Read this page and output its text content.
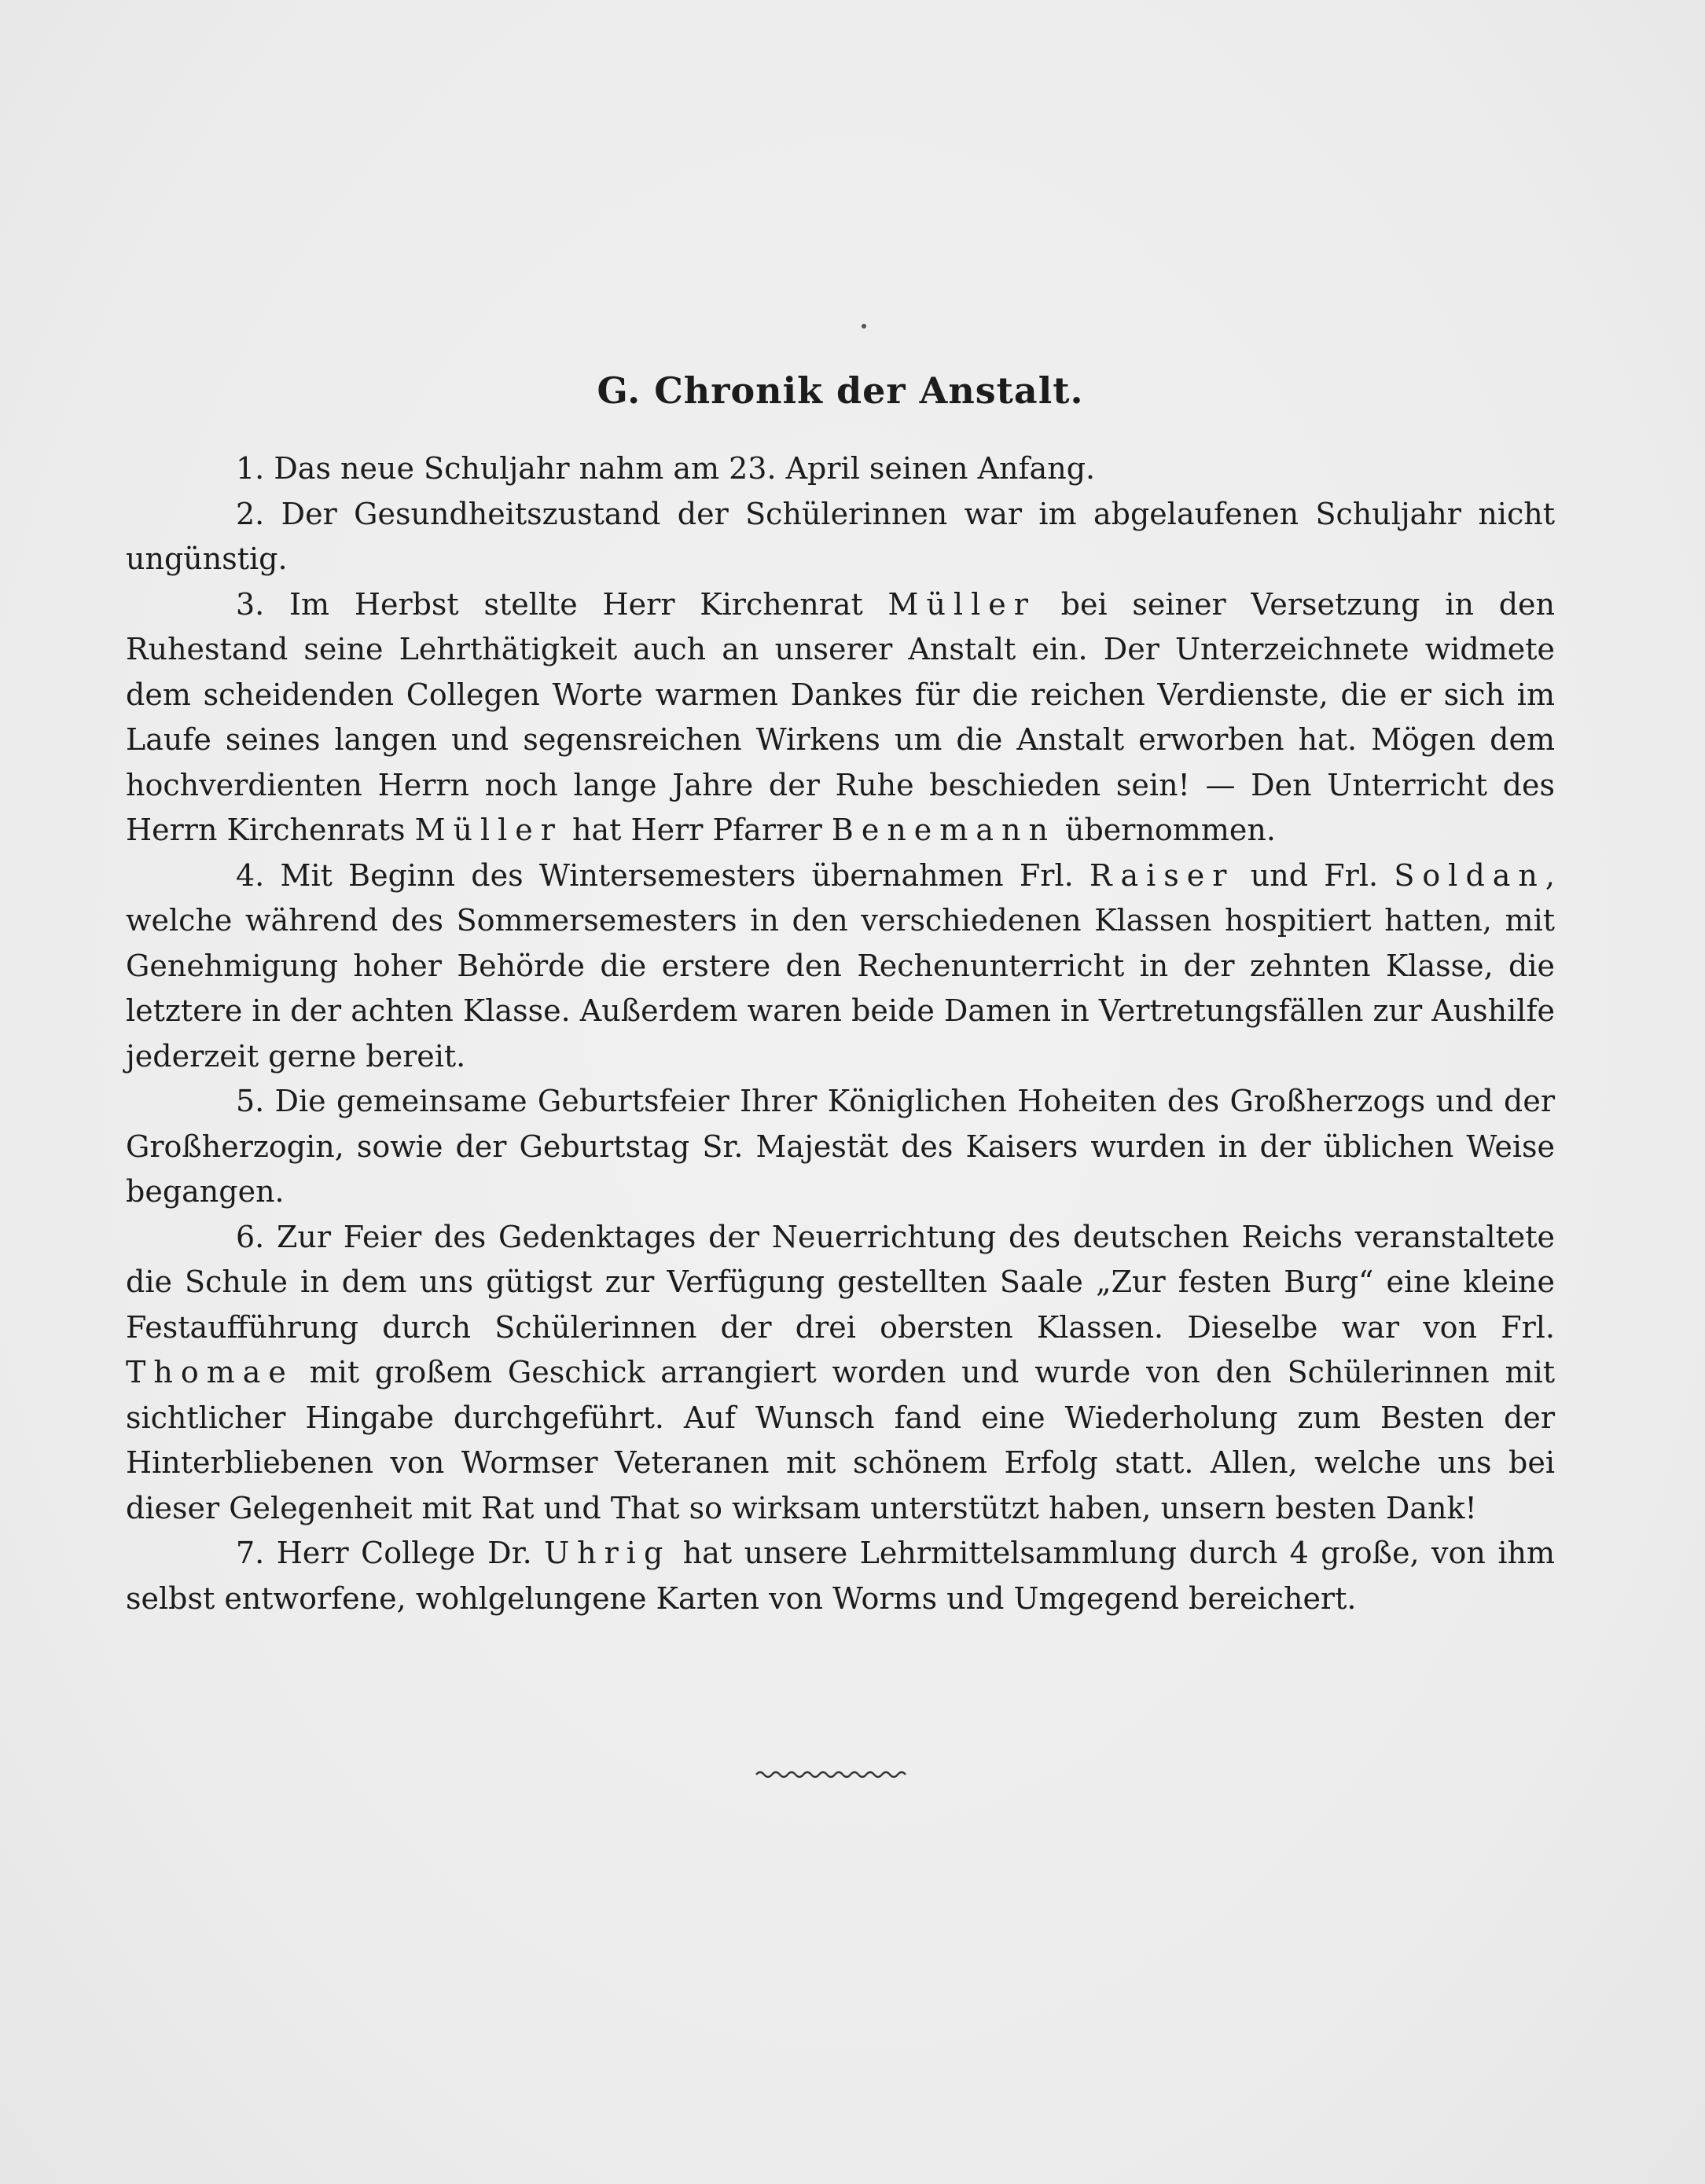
G. Chronik der Anstalt.

1. Das neue Schuljahr nahm am 23. April seinen Anfang.

2. Der Gesundheitszustand der Schülerinnen war im abgelaufenen Schuljahr nicht ungünstig.

3. Im Herbst stellte Herr Kirchenrat Müller bei seiner Versetzung in den Ruhestand seine Lehrthätigkeit auch an unserer Anstalt ein. Der Unterzeichnete widmete dem scheidenden Collegen Worte warmen Dankes für die reichen Verdienste, die er sich im Laufe seines langen und segensreichen Wirkens um die Anstalt erworben hat. Mögen dem hochverdienten Herrn noch lange Jahre der Ruhe beschieden sein! — Den Unterricht des Herrn Kirchenrats Müller hat Herr Pfarrer Benemann übernommen.

4. Mit Beginn des Wintersemesters übernahmen Frl. Raiser und Frl. Soldan, welche während des Sommersemesters in den verschiedenen Klassen hospitiert hatten, mit Genehmigung hoher Behörde die erstere den Rechenunterricht in der zehnten Klasse, die letztere in der achten Klasse. Außerdem waren beide Damen in Vertretungsfällen zur Aushilfe jederzeit gerne bereit.

5. Die gemeinsame Geburtsfeier Ihrer Königlichen Hoheiten des Großherzogs und der Großherzogin, sowie der Geburtstag Sr. Majestät des Kaisers wurden in der üblichen Weise begangen.

6. Zur Feier des Gedenktages der Neuerrichtung des deutschen Reichs veranstaltete die Schule in dem uns gütigst zur Verfügung gestellten Saale „Zur festen Burg“ eine kleine Festaufführung durch Schülerinnen der drei obersten Klassen. Dieselbe war von Frl. Thomae mit großem Geschick arrangiert worden und wurde von den Schülerinnen mit sichtlicher Hingabe durchgeführt. Auf Wunsch fand eine Wiederholung zum Besten der Hinterbliebenen von Wormser Veteranen mit schönem Erfolg statt. Allen, welche uns bei dieser Gelegenheit mit Rat und That so wirksam unterstützt haben, unsern besten Dank!

7. Herr College Dr. Uhrig hat unsere Lehrmittelsammlung durch 4 große, von ihm selbst entworfene, wohlgelungene Karten von Worms und Umgegend bereichert.
